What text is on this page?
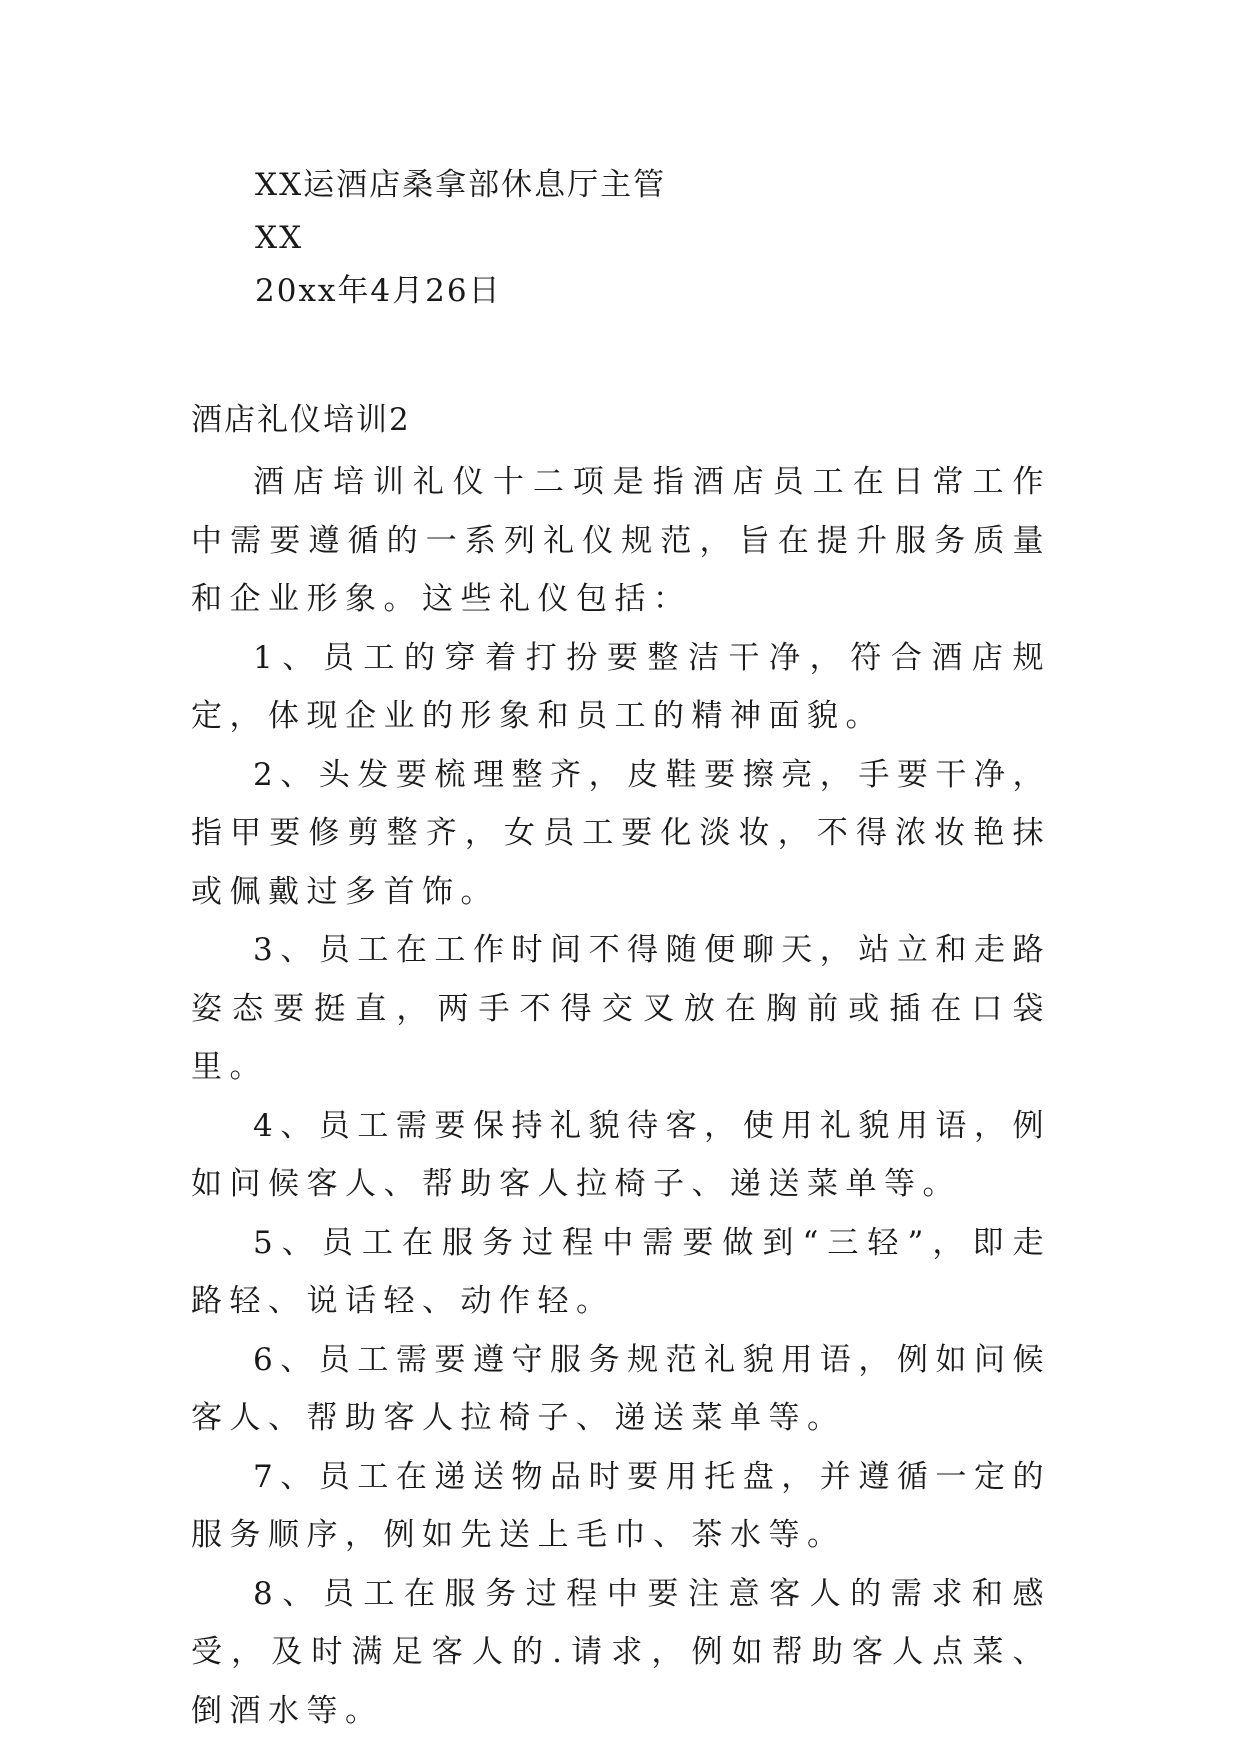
XX运酒店桑拿部休息厅主管
XX
20xx年4月26日
酒店礼仪培训2

酒店培训礼仪十二项是指酒店员工在日常工作中需要遵循的一系列礼仪规范，旨在提升服务质量和企业形象。这些礼仪包括：

1、员工的穿着打扮要整洁干净，符合酒店规定，体现企业的形象和员工的精神面貌。

2、头发要梳理整齐，皮鞋要擦亮，手要干净，指甲要修剪整齐，女员工要化淡妆，不得浓妆艳抹或佩戴过多首饰。

3、员工在工作时间不得随便聊天，站立和走路姿态要挺直，两手不得交叉放在胸前或插在口袋里。

4、员工需要保持礼貌待客，使用礼貌用语，例如问候客人、帮助客人拉椅子、递送菜单等。

5、员工在服务过程中需要做到“三轻”，即走路轻、说话轻、动作轻。

6、员工需要遵守服务规范礼貌用语，例如问候客人、帮助客人拉椅子、递送菜单等。

7、员工在递送物品时要用托盘，并遵循一定的服务顺序，例如先送上毛巾、茶水等。

8、员工在服务过程中要注意客人的需求和感受，及时满足客人的.请求，例如帮助客人点菜、倒酒水等。
